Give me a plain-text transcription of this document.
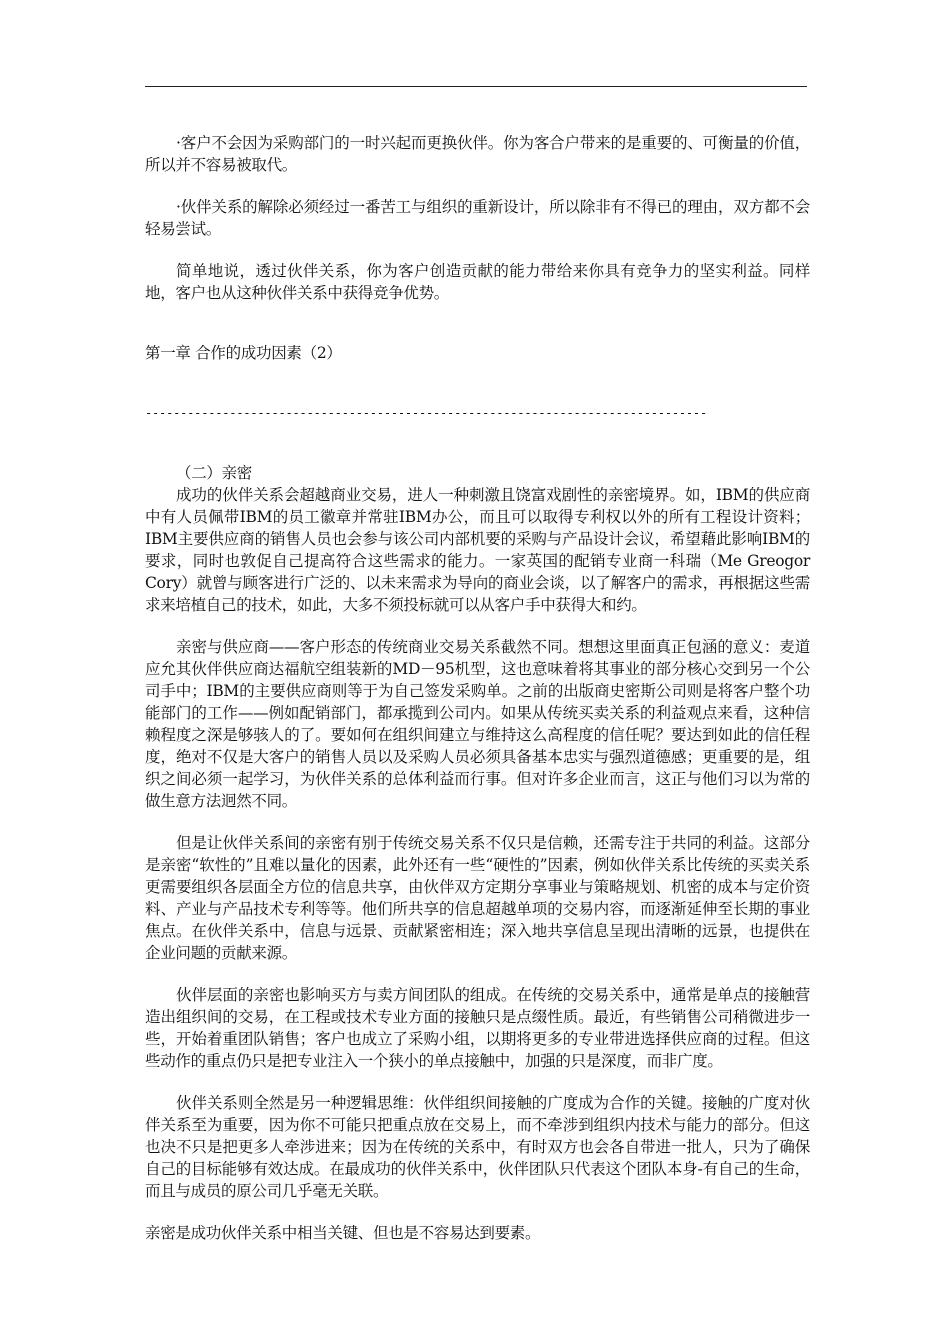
·客户不会因为采购部门的一时兴起而更换伙伴。你为客合户带来的是重要的、可衡量的价值，所以并不容易被取代。

·伙伴关系的解除必须经过一番苦工与组织的重新设计，所以除非有不得已的理由，双方都不会轻易尝试。

简单地说，透过伙伴关系，你为客户创造贡献的能力带给来你具有竞争力的坚实利益。同样地，客户也从这种伙伴关系中获得竞争优势。

第一章 合作的成功因素（2）

--------------------------------------------------------------------------------

（二）亲密

成功的伙伴关系会超越商业交易，进人一种刺激且饶富戏剧性的亲密境界。如，IBM的供应商中有人员佩带IBM的员工徽章并常驻IBM办公，而且可以取得专利权以外的所有工程设计资料；IBM主要供应商的销售人员也会参与该公司内部机要的采购与产品设计会议，希望藉此影响IBM的要求，同时也敦促自己提高符合这些需求的能力。一家英国的配销专业商一科瑞（Me Greogor Cory）就曾与顾客进行广泛的、以未来需求为导向的商业会谈，以了解客户的需求，再根据这些需求来培植自己的技术，如此，大多不须投标就可以从客户手中获得大和约。

亲密与供应商——客户形态的传统商业交易关系截然不同。想想这里面真正包涵的意义：麦道应允其伙伴供应商达福航空组装新的MD－95机型，这也意味着将其事业的部分核心交到另一个公司手中；IBM的主要供应商则等于为自己签发采购单。之前的出版商史密斯公司则是将客户整个功能部门的工作——例如配销部门，都承揽到公司内。如果从传统买卖关系的利益观点来看，这种信赖程度之深是够骇人的了。要如何在组织间建立与维持这么高程度的信任呢？要达到如此的信任程度，绝对不仅是大客户的销售人员以及采购人员必须具备基本忠实与强烈道德感；更重要的是，组织之间必须一起学习，为伙伴关系的总体利益而行事。但对许多企业而言，这正与他们习以为常的做生意方法迥然不同。

但是让伙伴关系间的亲密有别于传统交易关系不仅只是信赖，还需专注于共同的利益。这部分是亲密“软性的”且难以量化的因素，此外还有一些“硬性的”因素，例如伙伴关系比传统的买卖关系更需要组织各层面全方位的信息共享，由伙伴双方定期分享事业与策略规划、机密的成本与定价资料、产业与产品技术专利等等。他们所共享的信息超越单项的交易内容，而逐渐延伸至长期的事业焦点。在伙伴关系中，信息与远景、贡献紧密相连；深入地共享信息呈现出清晰的远景，也提供在企业问题的贡献来源。

伙伴层面的亲密也影响买方与卖方间团队的组成。在传统的交易关系中，通常是单点的接触营造出组织间的交易，在工程或技术专业方面的接触只是点缀性质。最近，有些销售公司稍微进步一些，开始着重团队销售；客户也成立了采购小组，以期将更多的专业带进选择供应商的过程。但这些动作的重点仍只是把专业注入一个狭小的单点接触中，加强的只是深度，而非广度。

伙伴关系则全然是另一种逻辑思维：伙伴组织间接触的广度成为合作的关键。接触的广度对伙伴关系至为重要，因为你不可能只把重点放在交易上，而不牵涉到组织内技术与能力的部分。但这也决不只是把更多人牵涉进来；因为在传统的关系中，有时双方也会各自带进一批人，只为了确保自己的目标能够有效达成。在最成功的伙伴关系中，伙伴团队只代表这个团队本身-有自己的生命，而且与成员的原公司几乎毫无关联。

亲密是成功伙伴关系中相当关键、但也是不容易达到要素。
